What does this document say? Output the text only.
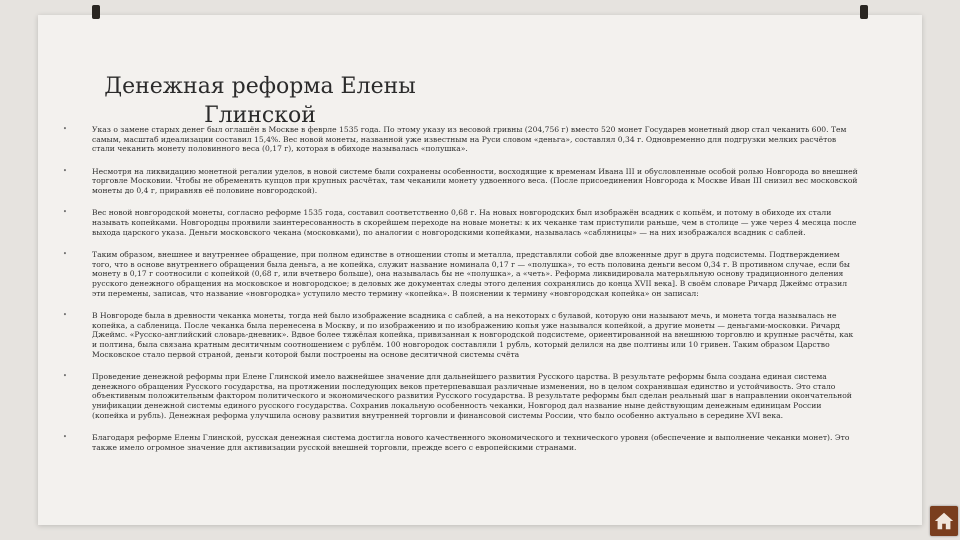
Денежная реформа Елены
Глинской
•	Указ о замене старых денег был оглашён в Москве в феврле 1535 года. По этому указу из весовой гривны (204,756 г) вместо 520 монет Государев монетный двор стал чеканить 600. Тем самым, масштаб идеализации составил 15,4%. Вес новой монеты, названной уже известным на Руси словом «деньга», составлял 0,34 г. Одновременно для подгрузки мелких расчётов стали чеканить монету половинного веса (0,17 г), которая в обиходе называлась «полушка».
•	Несмотря на ликвидацию монетной регалии уделов, в новой системе были сохранены особенности, восходящие к временам Ивана III и обусловленные особой ролью Новгорода во внешней торговле Московии. Чтобы не обременять купцов при крупных расчётах, там чеканили монету удвоенного веса. (После присоединения Новгорода к Москве Иван III снизил вес московской монеты до 0,4 г, приравняв её половине новгородской).
•	Вес новой новгородской монеты, согласно реформе 1535 года, составил соответственно 0,68 г. На новых новгородских был изображён всадник с копьём, и потому в обиходе их стали называть копейками. Новгородцы проявили заинтересованность в скорейшем переходе на новые монеты: к их чеканке там приступили раньше, чем в столице — уже через 4 месяца после выхода царского указа. Деньги московского чекана (московками), по аналогии с новгородскими копейками, называлась «сабляницы» — на них изображался всадник с саблей.
•	Таким образом, внешнее и внутреннее обращение, при полном единстве в отношении стопы и металла, представляли собой две вложенные друг в друга подсистемы. Подтверждением того, что в основе внутреннего обращения была деньга, а не копейка, служит название номинала 0,17 г — «полушка», то есть половина деньги весом 0,34 г. В противном случае, если бы монету в 0,17 г соотносили с копейкой (0,68 г, или вчетверо больше), она называлась бы не «полушка», а «четь». Реформа ликвидировала матерьяльную основу традиционного деления русского денежного обращения на московское и новгородское; в деловых же документах следы этого деления сохранялись до конца XVII века]. В своём словаре Ричард Джеймс отразил эти перемены, записав, что название «новгородка» уступило место термину «копейка». В пояснении к термину «новгородская копейка» он записал:
•	В Новгороде была в древности чеканка монеты, тогда ней было изображение всадника с саблей, а на некоторых с булавой, которую они называют мечь, и монета тогда называлась не копейка, а сабленица. После чеканка была перенесена в Москву, и по изображению и по изображению копья уже назывался копейкой, а другие монеты — деньгами-московки. Ричард Джеймс. «Русско-английский словарь-дневник». Вдвое более тяжёлая копейка, привязанная к новгородской подсистеме, ориентированной на внешнюю торговлю и крупные расчёты, как и полтина, была связана кратным десятичным соотношением с рублём. 100 новгородок составляли 1 рубль, который делился на две полтины или 10 гривен. Таким образом Царство Московское стало первой страной, деньги которой были построены на основе десятичной системы счёта
•	Проведение денежной реформы при Елене Глинской имело важнейшее значение для дальнейшего развития Русского царства. В результате реформы была создана единая система денежного обращения Русского государства, на протяжении последующих веков претерпевавшая различные изменения, но в целом сохранявшая единство и устойчивость. Это стало объективным положительным фактором политического и экономического развития Русского государства. В результате реформы был сделан реальный шаг в направлении окончательной унификации денежной системы единого русского государства. Сохранив локальную особенность чеканки, Новгород дал название ныне действующим денежным единицам России (копейка и рубль). Денежная реформа улучшила основу развития внутренней торговли и финансовой системы России, что было особенно актуально в середине XVI века.
•	Благодаря реформе Елены Глинской, русская денежная система достигла нового качественного экономического и технического уровня (обеспечение и выполнение чеканки монет). Это также имело огромное значение для активизации русской внешней торговли, прежде всего с европейскими странами.
